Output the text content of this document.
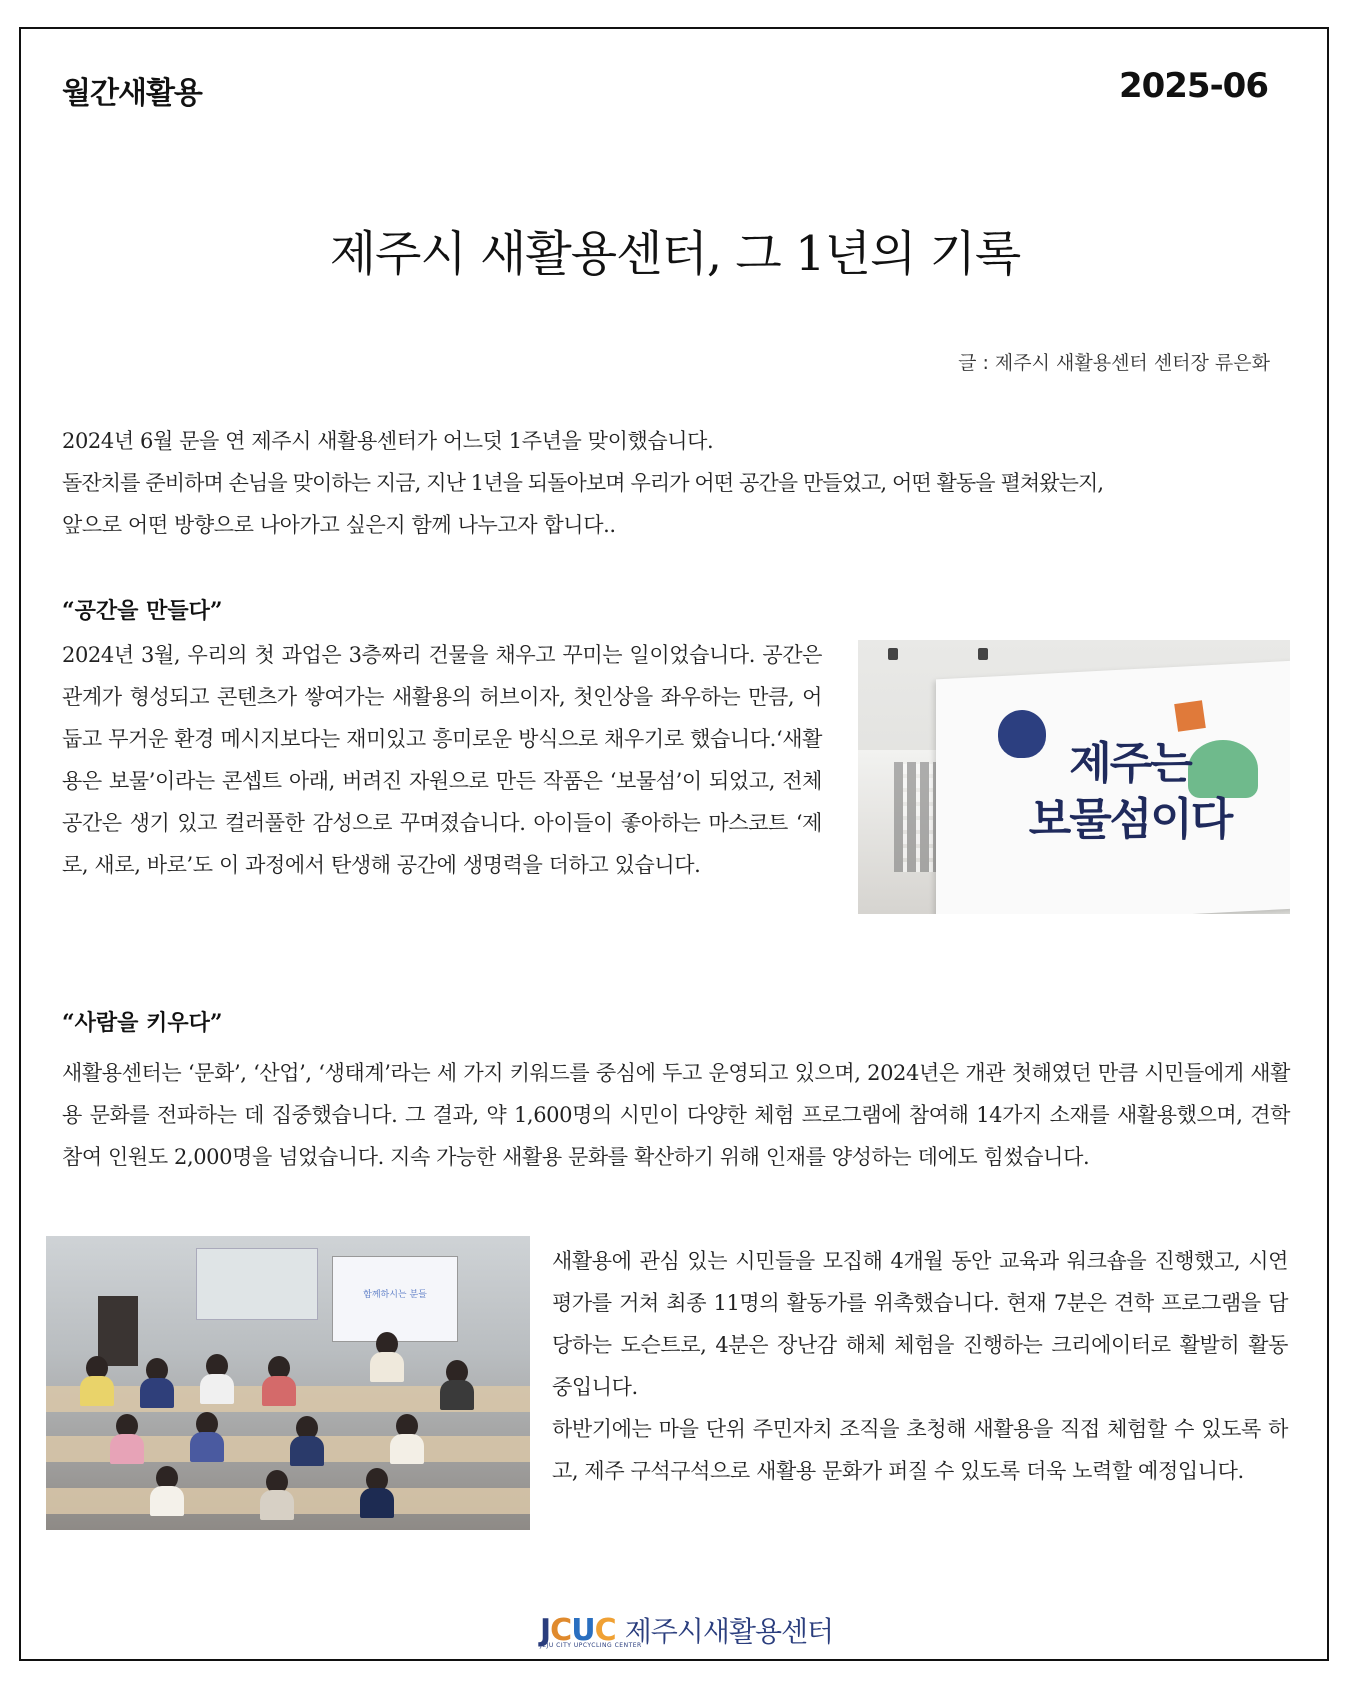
월간새활용	2025-06
제주시 새활용센터, 그 1년의 기록
글 : 제주시 새활용센터 센터장 류은화
2024년 6월 문을 연 제주시 새활용센터가 어느덧 1주년을 맞이했습니다.
돌잔치를 준비하며 손님을 맞이하는 지금, 지난 1년을 되돌아보며 우리가 어떤 공간을 만들었고, 어떤 활동을 펼쳐왔는지,
앞으로 어떤 방향으로 나아가고 싶은지 함께 나누고자 합니다..
“공간을 만들다”

2024년 3월, 우리의 첫 과업은 3층짜리 건물을 채우고 꾸미는 일이었습니다. 공간은 관계가 형성되고 콘텐츠가 쌓여가는 새활용의 허브이자, 첫인상을 좌우하는 만큼, 어둡고 무거운 환경 메시지보다는 재미있고 흥미로운 방식으로 채우기로 했습니다.‘새활용은 보물’이라는 콘셉트 아래, 버려진 자원으로 만든 작품은 ‘보물섬’이 되었고, 전체 공간은 생기 있고 컬러풀한 감성으로 꾸며졌습니다. 아이들이 좋아하는 마스코트 ‘제로, 새로, 바로’도 이 과정에서 탄생해 공간에 생명력을 더하고 있습니다.

제주는
보물섬이다
“사람을 키우다”

새활용센터는 ‘문화’, ‘산업’, ‘생태계’라는 세 가지 키워드를 중심에 두고 운영되고 있으며, 2024년은 개관 첫해였던 만큼 시민들에게 새활용 문화를 전파하는 데 집중했습니다. 그 결과, 약 1,600명의 시민이 다양한 체험 프로그램에 참여해 14가지 소재를 새활용했으며, 견학 참여 인원도 2,000명을 넘었습니다. 지속 가능한 새활용 문화를 확산하기 위해 인재를 양성하는 데에도 힘썼습니다.

함께하시는 분들

새활용에 관심 있는 시민들을 모집해 4개월 동안 교육과 워크숍을 진행했고, 시연 평가를 거쳐 최종 11명의 활동가를 위촉했습니다. 현재 7분은 견학 프로그램을 담당하는 도슨트로, 4분은 장난감 해체 체험을 진행하는 크리에이터로 활발히 활동 중입니다.
하반기에는 마을 단위 주민자치 조직을 초청해 새활용을 직접 체험할 수 있도록 하고, 제주 구석구석으로 새활용 문화가 퍼질 수 있도록 더욱 노력할 예정입니다.

JCUC 제주시새활용센터
JEJU CITY UPCYCLING CENTER
